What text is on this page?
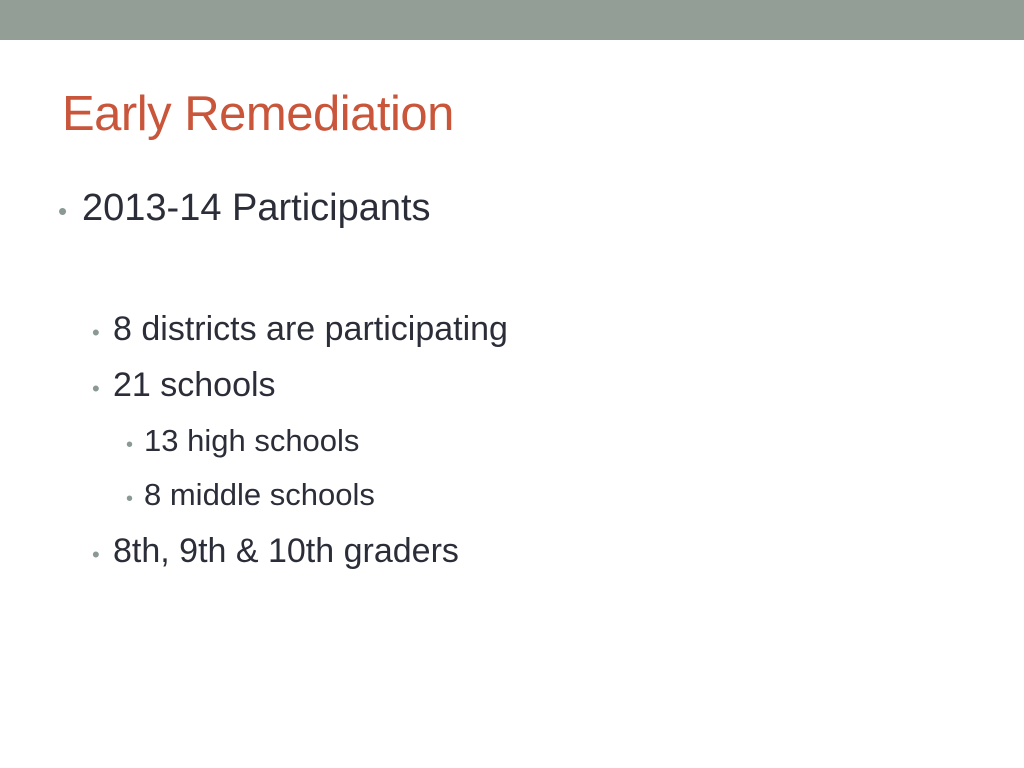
Early Remediation
• 2013-14 Participants
• 8 districts are participating
• 21 schools
• 13 high schools
• 8 middle schools
• 8th, 9th & 10th graders
